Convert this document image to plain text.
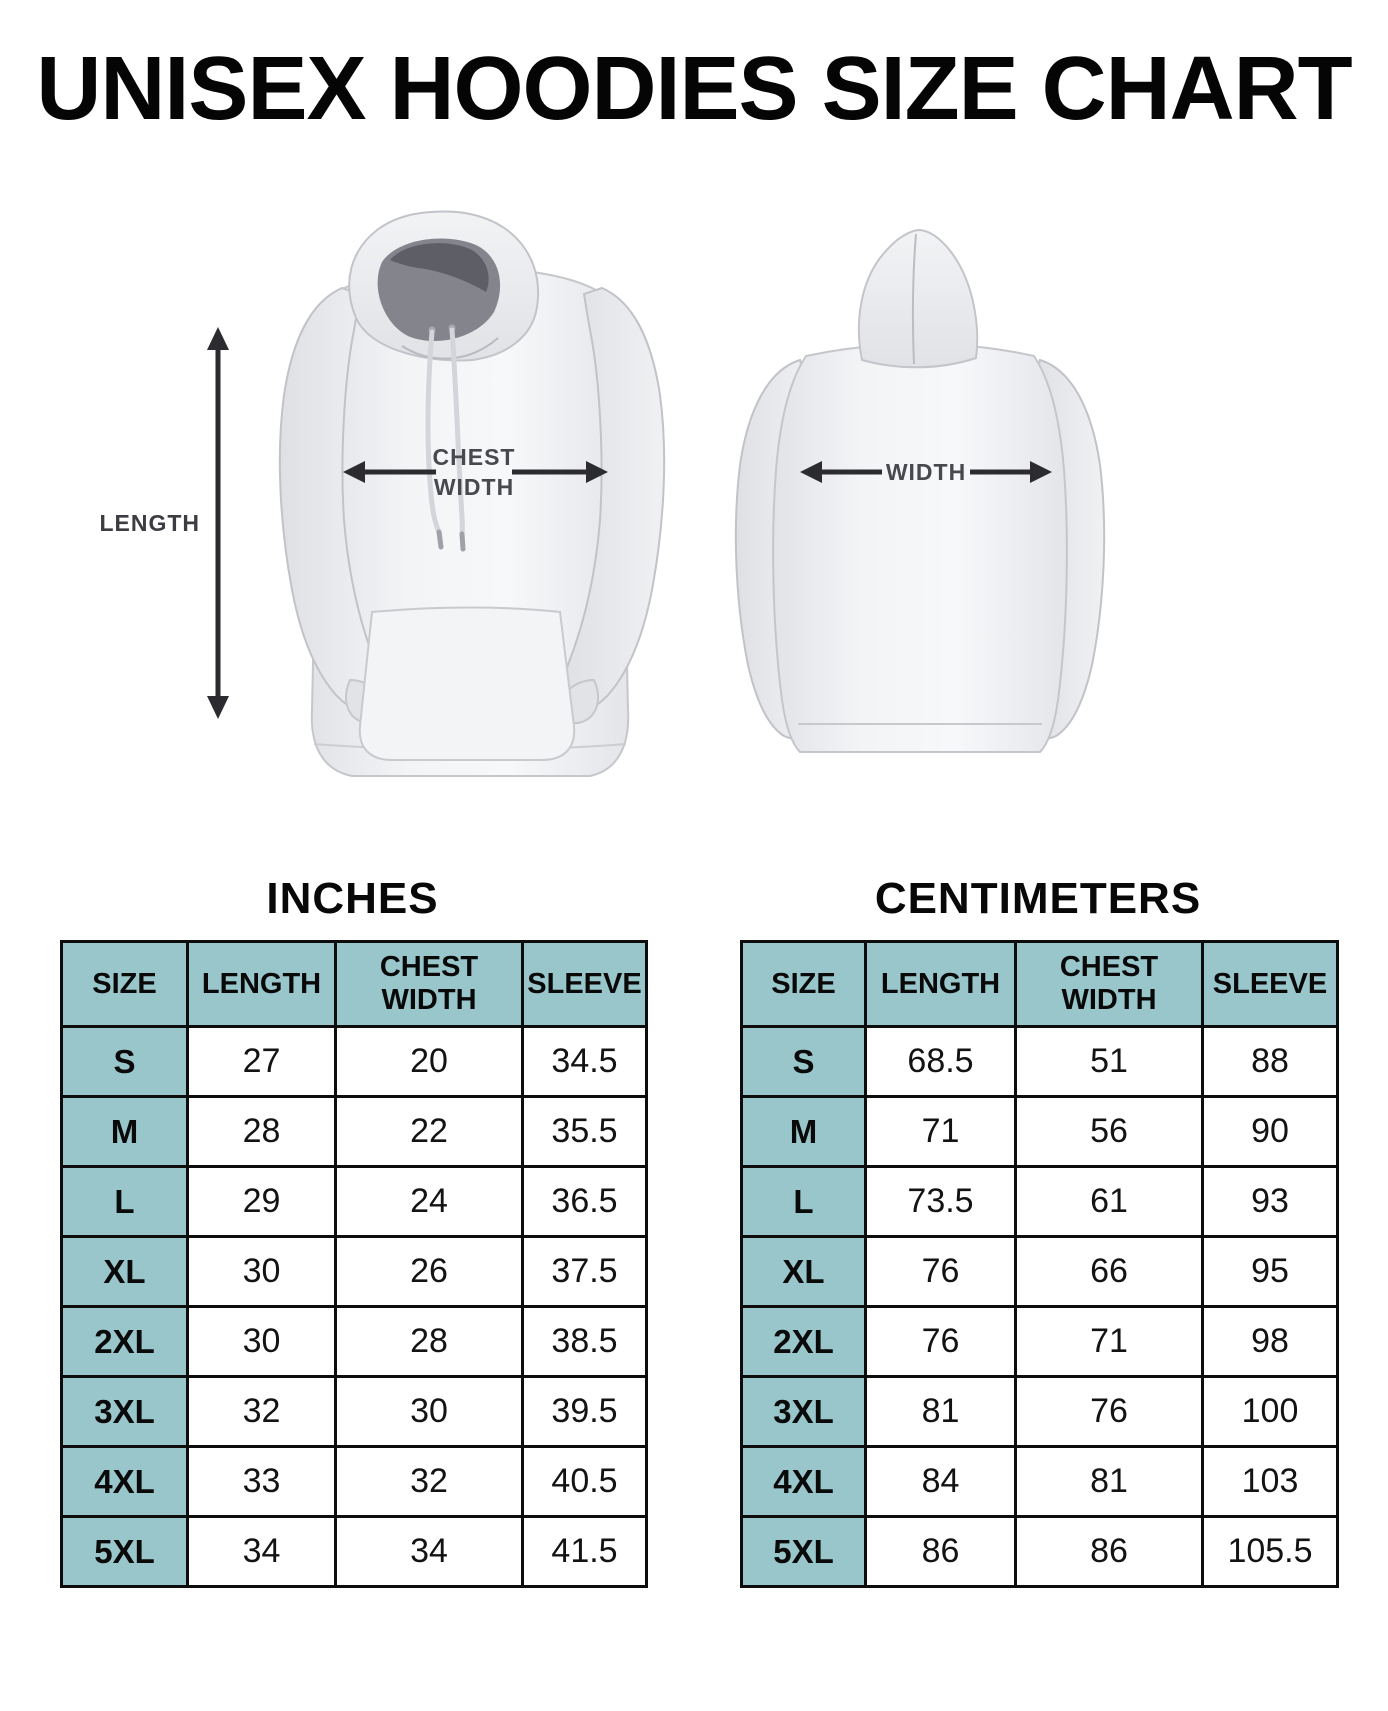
UNISEX HOODIES SIZE CHART
LENGTH
CHEST
WIDTH
WIDTH
INCHES
SIZE	LENGTH	CHEST WIDTH	SLEEVE
S	27	20	34.5
M	28	22	35.5
L	29	24	36.5
XL	30	26	37.5
2XL	30	28	38.5
3XL	32	30	39.5
4XL	33	32	40.5
5XL	34	34	41.5
CENTIMETERS
SIZE	LENGTH	CHEST WIDTH	SLEEVE
S	68.5	51	88
M	71	56	90
L	73.5	61	93
XL	76	66	95
2XL	76	71	98
3XL	81	76	100
4XL	84	81	103
5XL	86	86	105.5
